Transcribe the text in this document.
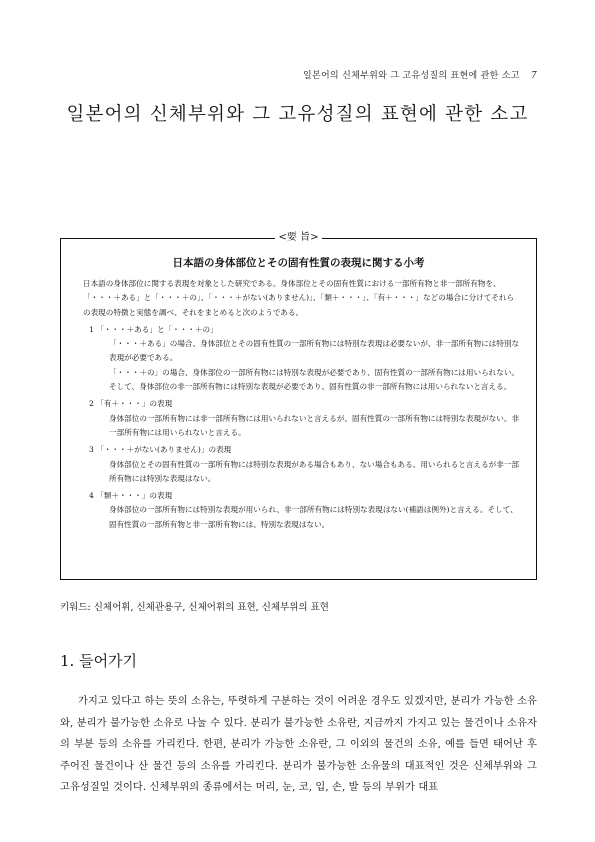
일본어의 신체부위와 그 고유성질의 표현에 관한 소고 7
일본어의 신체부위와 그 고유성질의 표현에 관한 소고
<要 旨>
日本語の身体部位とその固有性質の表現に関する小考

日本語の身体部位に関する表現を対象とした研究である。身体部位とその固有性質における一部所有物と非一部所有物を、「・・・＋ある」と「・・・＋の」、「・・・＋がない(ありません)」、「類＋・・・」、「有＋・・・」などの場合に分けてそれらの表現の特徴と実態を調べ、それをまとめると次のようである。

1 「・・・＋ある」と「・・・＋の」
「・・・＋ある」の場合、身体部位とその固有性質の一部所有物には特別な表現は必要ないが、非一部所有物には特別な表現が必要である。
「・・・＋の」の場合、身体部位の一部所有物には特別な表現が必要であり、固有性質の一部所有物には用いられない。そして、身体部位の非一部所有物には特別な表現が必要であり、固有性質の非一部所有物には用いられないと言える。
2 「有＋・・・」の表現
身体部位の一部所有物には非一部所有物には用いられないと言えるが、固有性質の一部所有物には特別な表現がない。非一部所有物には用いられないと言える。
3 「・・・＋がない(ありません)」の表現
身体部位とその固有性質の一部所有物には特別な表現がある場合もあり、ない場合もある。用いられると言えるが非一部所有物には特別な表現はない。
4 「類＋・・・」の表現
身体部位の一部所有物には特別な表現が用いられ、非一部所有物には特別な表現はない(補語は例外)と言える。そして、固有性質の一部所有物と非一部所有物には、特別な表現はない。
키워드: 신체어휘, 신체관용구, 신체어휘의 표현, 신체부위의 표현
1. 들어가기

가지고 있다고 하는 뜻의 소유는, 뚜렷하게 구분하는 것이 어려운 경우도 있겠지만, 분리가 가능한 소유와, 분리가 불가능한 소유로 나눌 수 있다. 분리가 불가능한 소유란, 지금까지 가지고 있는 물건이나 소유자의 부분 등의 소유를 가리킨다. 한편, 분리가 가능한 소유란, 그 이외의 물건의 소유, 예를 들면 태어난 후 주어진 물건이나 산 물건 등의 소유를 가리킨다. 분리가 불가능한 소유물의 대표적인 것은 신체부위와 그 고유성질일 것이다. 신체부위의 종류에서는 머리, 눈, 코, 입, 손, 발 등의 부위가 대표
